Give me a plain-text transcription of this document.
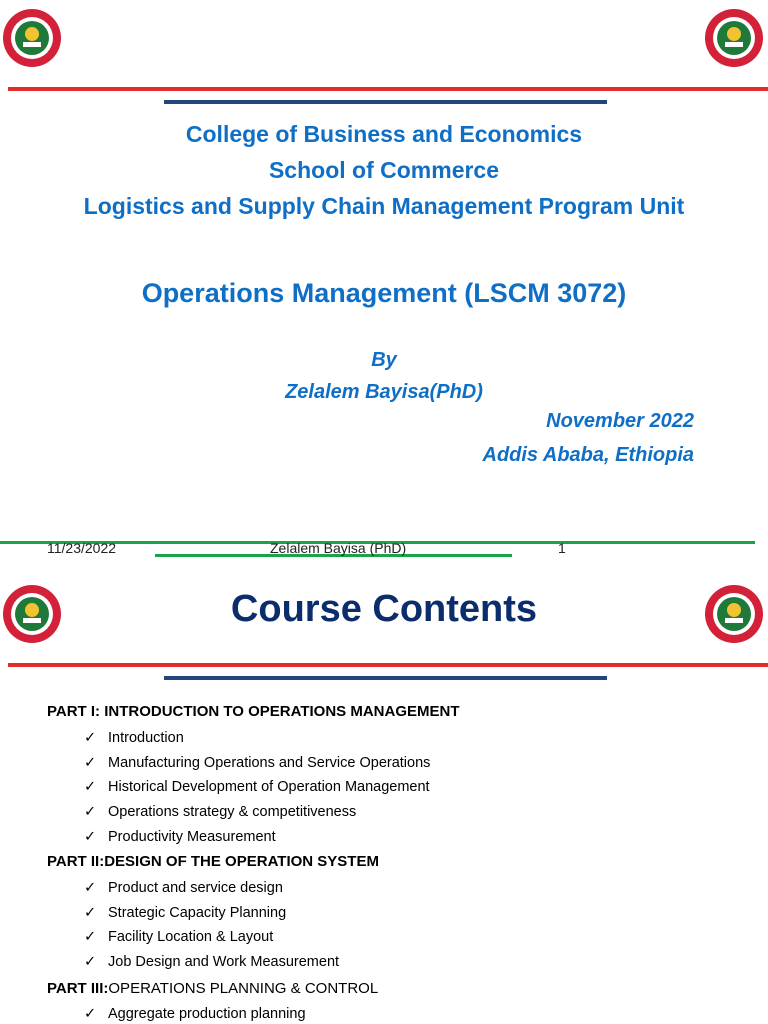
College of Business and Economics
School of Commerce
Logistics and Supply Chain Management Program Unit
Operations Management (LSCM 3072)
By
Zelalem Bayisa(PhD)
November 2022
Addis Ababa, Ethiopia
11/23/2022	Zelalem Bayisa (PhD)	1
Course Contents
PART I: INTRODUCTION TO OPERATIONS MANAGEMENT
✓ Introduction
✓ Manufacturing Operations and Service Operations
✓ Historical Development of Operation Management
✓ Operations strategy & competitiveness
✓ Productivity Measurement
PART II:DESIGN OF THE OPERATION SYSTEM
✓ Product and service design
✓ Strategic Capacity Planning
✓ Facility Location & Layout
✓ Job Design and Work Measurement
PART III:OPERATIONS PLANNING & CONTROL
✓ Aggregate production planning
